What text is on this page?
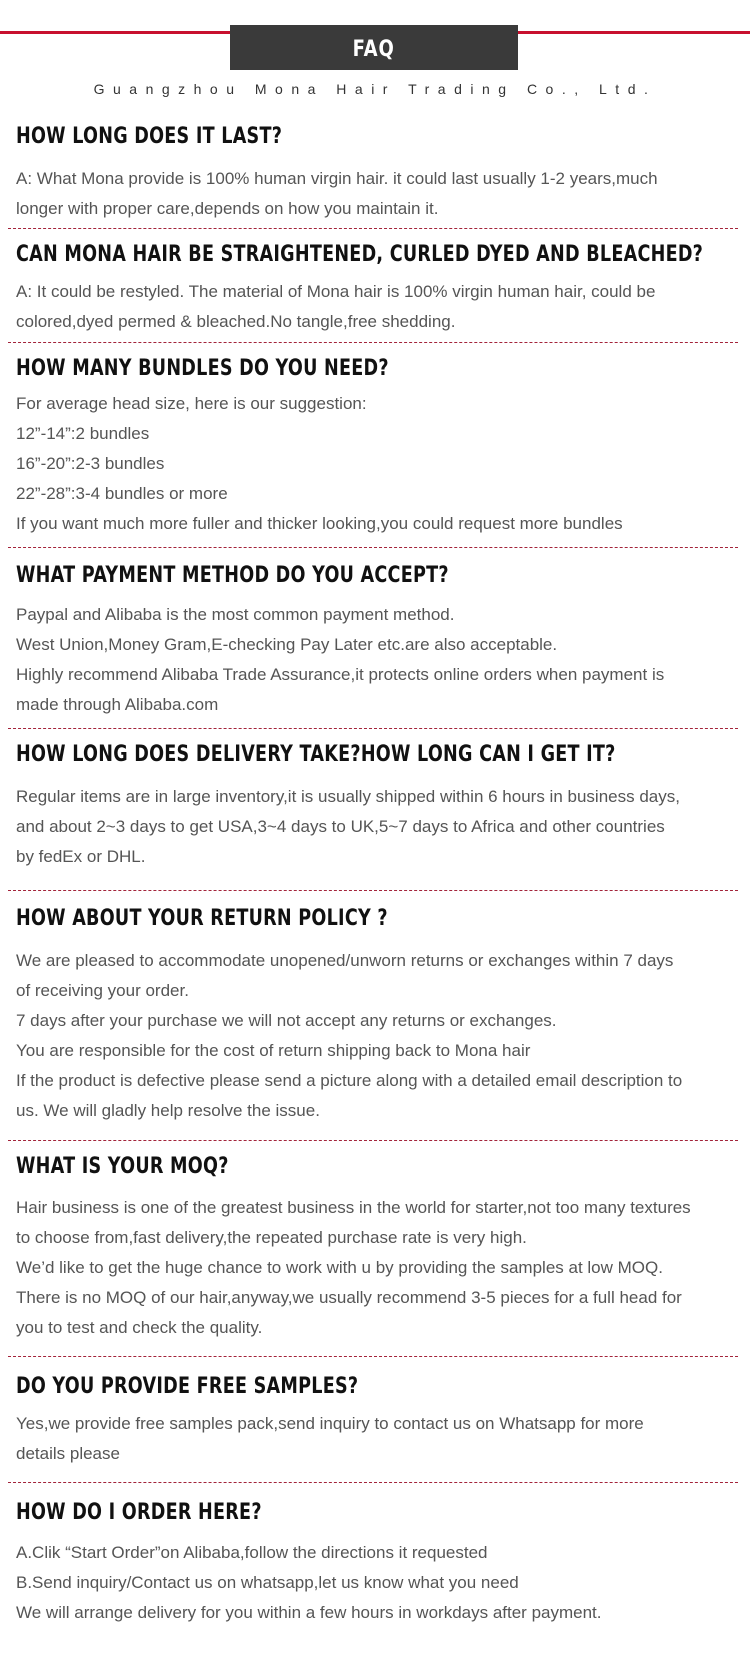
FAQ
Guangzhou Mona Hair Trading Co., Ltd.
HOW LONG DOES IT LAST?

A: What Mona provide is 100% human virgin hair. it could last usually 1-2 years,much

longer with proper care,depends on how you maintain it.

CAN MONA HAIR BE STRAIGHTENED, CURLED DYED AND BLEACHED?

A: It could be restyled. The material of Mona hair is 100% virgin human hair, could be

colored,dyed permed & bleached.No tangle,free shedding.

HOW MANY BUNDLES DO YOU NEED?

For average head size, here is our suggestion:

12”-14”:2 bundles

16”-20”:2-3 bundles

22”-28”:3-4 bundles or more

If you want much more fuller and thicker looking,you could request more bundles

WHAT PAYMENT METHOD DO YOU ACCEPT?

Paypal and Alibaba is the most common payment method.

West Union,Money Gram,E-checking Pay Later etc.are also acceptable.

Highly recommend Alibaba Trade Assurance,it protects online orders when payment is

made through Alibaba.com

HOW LONG DOES DELIVERY TAKE?HOW LONG CAN I GET IT?

Regular items are in large inventory,it is usually shipped within 6 hours in business days,

and about 2~3 days to get USA,3~4 days to UK,5~7 days to Africa and other countries

by fedEx or DHL.

HOW ABOUT YOUR RETURN POLICY ?

We are pleased to accommodate unopened/unworn returns or exchanges within 7 days

of receiving your order.

7 days after your purchase we will not accept any returns or exchanges.

You are responsible for the cost of return shipping back to Mona hair

If the product is defective please send a picture along with a detailed email description to

us. We will gladly help resolve the issue.

WHAT IS YOUR MOQ?

Hair business is one of the greatest business in the world for starter,not too many textures

to choose from,fast delivery,the repeated purchase rate is very high.

We’d like to get the huge chance to work with u by providing the samples at low MOQ.

There is no MOQ of our hair,anyway,we usually recommend 3-5 pieces for a full head for

you to test and check the quality.

DO YOU PROVIDE FREE SAMPLES?

Yes,we provide free samples pack,send inquiry to contact us on Whatsapp for more

details please

HOW DO I ORDER HERE?

A.Clik “Start Order”on Alibaba,follow the directions it requested

B.Send inquiry/Contact us on whatsapp,let us know what you need

We will arrange delivery for you within a few hours in workdays after payment.
